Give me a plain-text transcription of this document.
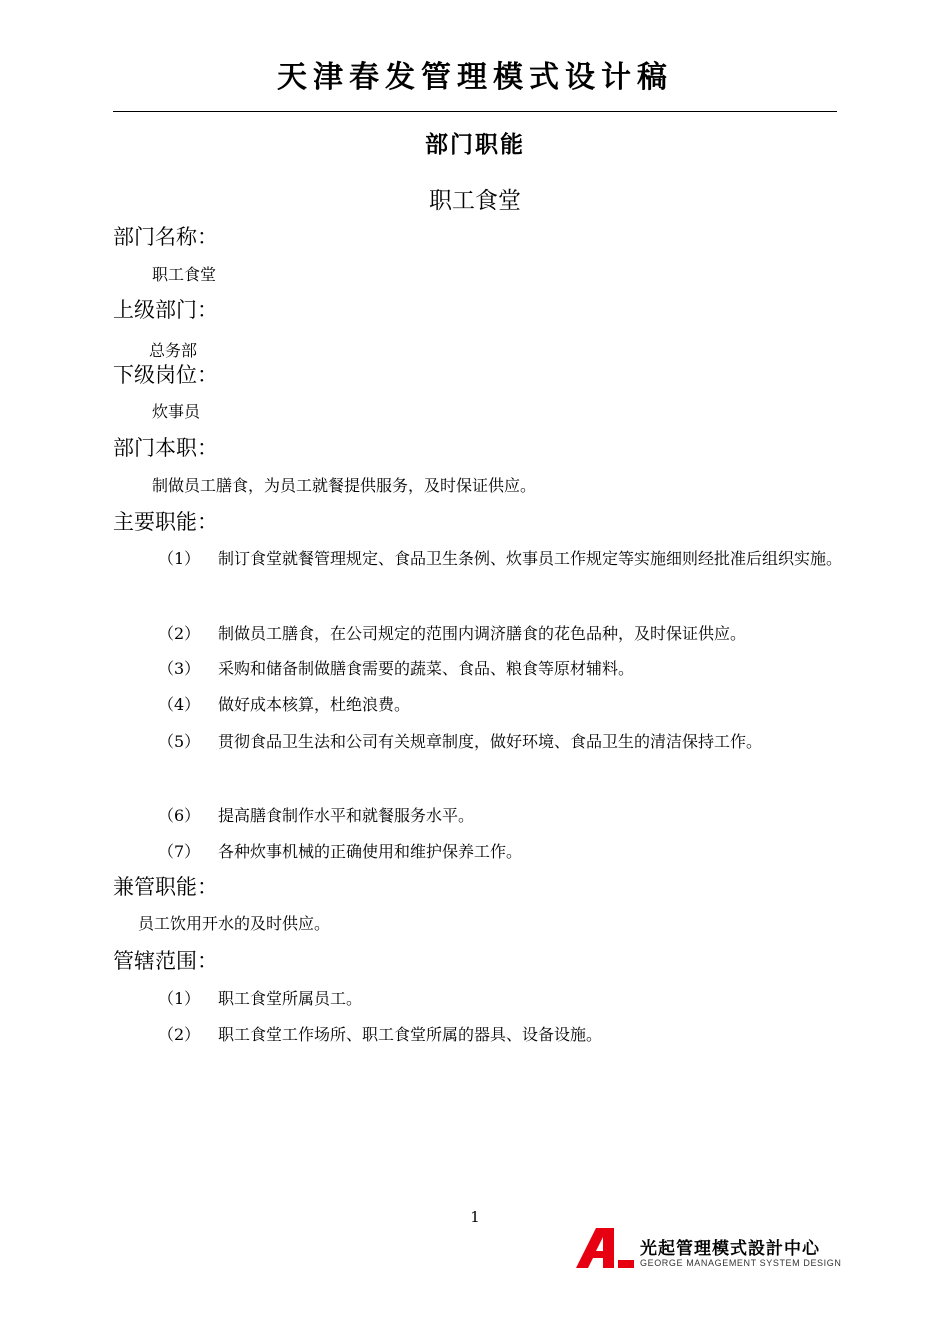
天津春发管理模式设计稿
部门职能
职工食堂
部门名称：
职工食堂
上级部门：
总务部
下级岗位：
炊事员
部门本职：
制做员工膳食，为员工就餐提供服务，及时保证供应。
主要职能：
（1） 制订食堂就餐管理规定、食品卫生条例、炊事员工作规定等实施细则经批准后组织实施。
（2） 制做员工膳食，在公司规定的范围内调济膳食的花色品种，及时保证供应。
（3） 采购和储备制做膳食需要的蔬菜、食品、粮食等原材辅料。
（4） 做好成本核算，杜绝浪费。
（5） 贯彻食品卫生法和公司有关规章制度，做好环境、食品卫生的清洁保持工作。
（6） 提高膳食制作水平和就餐服务水平。
（7） 各种炊事机械的正确使用和维护保养工作。
兼管职能：
员工饮用开水的及时供应。
管辖范围：
（1） 职工食堂所属员工。
（2） 职工食堂工作场所、职工食堂所属的器具、设备设施。
1
光起管理模式設計中心
GEORGE MANAGEMENT SYSTEM DESIGN
